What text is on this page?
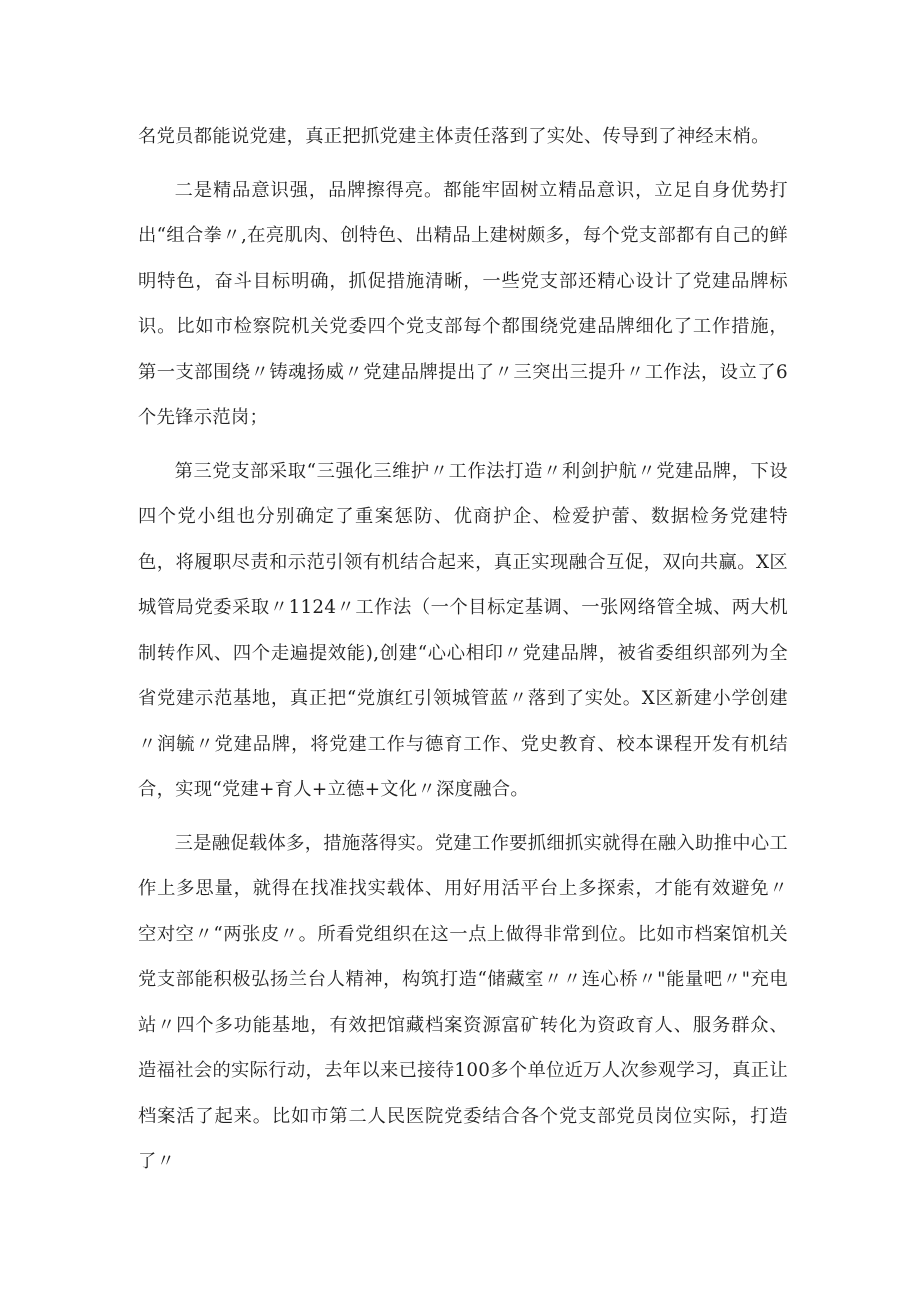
名党员都能说党建，真正把抓党建主体责任落到了实处、传导到了神经末梢。

二是精品意识强，品牌擦得亮。都能牢固树立精品意识，立足自身优势打出“组合拳〃,在亮肌肉、创特色、出精品上建树颇多，每个党支部都有自己的鲜明特色，奋斗目标明确，抓促措施清晰，一些党支部还精心设计了党建品牌标识。比如市检察院机关党委四个党支部每个都围绕党建品牌细化了工作措施，第一支部围绕〃铸魂扬威〃党建品牌提出了〃三突出三提升〃工作法，设立了6个先锋示范岗；

第三党支部采取“三强化三维护〃工作法打造〃利剑护航〃党建品牌，下设四个党小组也分别确定了重案惩防、优商护企、检爱护蕾、数据检务党建特色，将履职尽责和示范引领有机结合起来，真正实现融合互促，双向共赢。X区城管局党委采取〃1124〃工作法（一个目标定基调、一张网络管全城、两大机制转作风、四个走遍提效能),创建“心心相印〃党建品牌，被省委组织部列为全省党建示范基地，真正把“党旗红引领城管蓝〃落到了实处。X区新建小学创建〃润毓〃党建品牌，将党建工作与德育工作、党史教育、校本课程开发有机结合，实现“党建+育人+立德+文化〃深度融合。

三是融促载体多，措施落得实。党建工作要抓细抓实就得在融入助推中心工作上多思量，就得在找准找实载体、用好用活平台上多探索，才能有效避免〃空对空〃“两张皮〃。所看党组织在这一点上做得非常到位。比如市档案馆机关党支部能积极弘扬兰台人精神，构筑打造“储藏室〃〃连心桥〃"能量吧〃"充电站〃四个多功能基地，有效把馆藏档案资源富矿转化为资政育人、服务群众、造福社会的实际行动，去年以来已接待100多个单位近万人次参观学习，真正让档案活了起来。比如市第二人民医院党委结合各个党支部党员岗位实际，打造了〃
